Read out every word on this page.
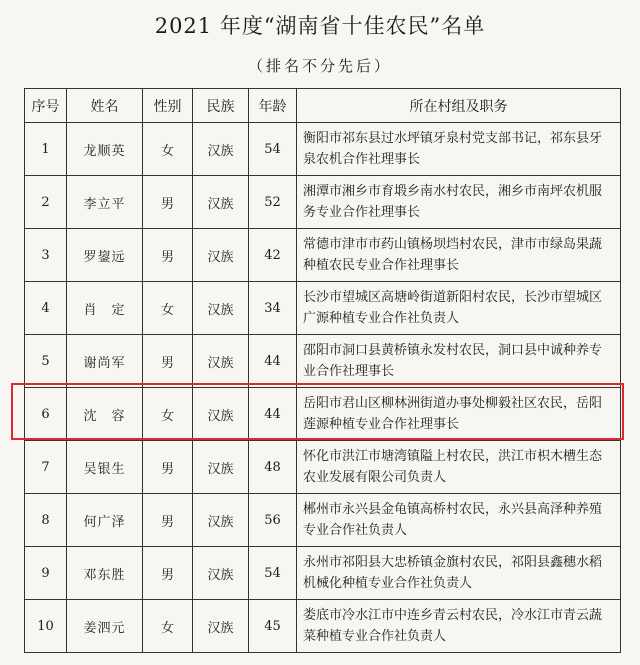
2021 年度“湖南省十佳农民”名单
（排名不分先后）
序号	姓名	性别	民族	年龄	所在村组及职务
1	龙顺英	女	汉族	54	衡阳市祁东县过水坪镇牙泉村党支部书记，祁东县牙泉农机合作社理事长
2	李立平	男	汉族	52	湘潭市湘乡市育塅乡南水村农民，湘乡市南坪农机服务专业合作社理事长
3	罗鋆远	男	汉族	42	常德市津市市药山镇杨坝垱村农民，津市市绿岛果蔬种植农民专业合作社理事长
4	肖　定	女	汉族	34	长沙市望城区高塘岭街道新阳村农民，长沙市望城区广源种植专业合作社负责人
5	谢尚军	男	汉族	44	邵阳市洞口县黄桥镇永发村农民，洞口县中诚种养专业合作社理事长
6	沈　容	女	汉族	44	岳阳市君山区柳林洲街道办事处柳毅社区农民，岳阳莲源种植专业合作社理事长
7	吴银生	男	汉族	48	怀化市洪江市塘湾镇隘上村农民，洪江市枳木槽生态农业发展有限公司负责人
8	何广泽	男	汉族	56	郴州市永兴县金龟镇高桥村农民，永兴县高泽种养殖专业合作社负责人
9	邓东胜	男	汉族	54	永州市祁阳县大忠桥镇金旗村农民，祁阳县鑫穗水稻机械化种植专业合作社负责人
10	姜泗元	女	汉族	45	娄底市冷水江市中连乡青云村农民，冷水江市青云蔬菜种植专业合作社负责人
